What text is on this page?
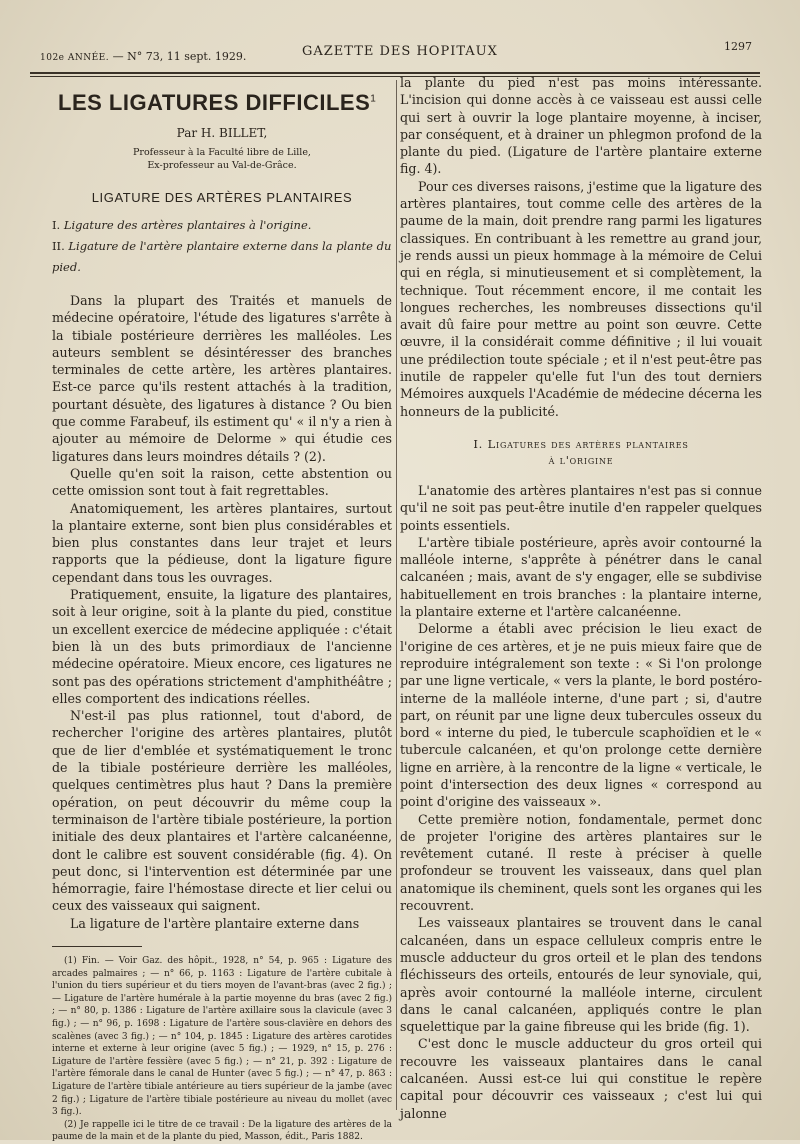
102e ANNÉE. — N° 73, 11 sept. 1929.	GAZETTE DES HOPITAUX	1297
LES LIGATURES DIFFICILES$^1$
Par H. BILLET,
Professeur à la Faculté libre de Lille,
Ex-professeur au Val-de-Grâce.
LIGATURE DES ARTÈRES PLANTAIRES
I. Ligature des artères plantaires à l'origine.
II. Ligature de l'artère plantaire externe dans la plante du pied.

Dans la plupart des Traités et manuels de médecine opératoire, l'étude des ligatures s'arrête à la tibiale postérieure derrières les malléoles. Les auteurs semblent se désintéresser des branches terminales de cette artère, les artères plantaires. Est-ce parce qu'ils restent attachés à la tradition, pourtant désuète, des ligatures à distance ? Ou bien que comme Farabeuf, ils estiment qu' « il n'y a rien à ajouter au mémoire de Delorme » qui étudie ces ligatures dans leurs moindres détails ? (2).

Quelle qu'en soit la raison, cette abstention ou cette omission sont tout à fait regrettables.

Anatomiquement, les artères plantaires, surtout la plantaire externe, sont bien plus considérables et bien plus constantes dans leur trajet et leurs rapports que la pédieuse, dont la ligature figure cependant dans tous les ouvrages.

Pratiquement, ensuite, la ligature des plantaires, soit à leur origine, soit à la plante du pied, constitue un excellent exercice de médecine appliquée : c'était bien là un des buts primordiaux de l'ancienne médecine opératoire. Mieux encore, ces ligatures ne sont pas des opérations strictement d'amphithéâtre ; elles comportent des indications réelles.

N'est-il pas plus rationnel, tout d'abord, de rechercher l'origine des artères plantaires, plutôt que de lier d'emblée et systématiquement le tronc de la tibiale postérieure derrière les malléoles, quelques centimètres plus haut ? Dans la première opération, on peut découvrir du même coup la terminaison de l'artère tibiale postérieure, la portion initiale des deux plantaires et l'artère calcanéenne, dont le calibre est souvent considérable (fig. 4). On peut donc, si l'intervention est déterminée par une hémorragie, faire l'hémostase directe et lier celui ou ceux des vaisseaux qui saignent.

La ligature de l'artère plantaire externe dans

(1) Fin. — Voir Gaz. des hôpit., 1928, n° 54, p. 965 : Ligature des arcades palmaires ; — n° 66, p. 1163 : Ligature de l'artère cubitale à l'union du tiers supérieur et du tiers moyen de l'avant-bras (avec 2 fig.) ; — Ligature de l'artère humérale à la partie moyenne du bras (avec 2 fig.) ; — n° 80, p. 1386 : Ligature de l'artère axillaire sous la clavicule (avec 3 fig.) ; — n° 96, p. 1698 : Ligature de l'artère sous-clavière en dehors des scalènes (avec 3 fig.) ; — n° 104, p. 1845 : Ligature des artères carotides interne et externe à leur origine (avec 5 fig.) ; — 1929, n° 15, p. 276 : Ligature de l'artère fessière (avec 5 fig.) ; — n° 21, p. 392 : Ligature de l'artère fémorale dans le canal de Hunter (avec 5 fig.) ; — n° 47, p. 863 : Ligature de l'artère tibiale antérieure au tiers supérieur de la jambe (avec 2 fig.) ; Ligature de l'artère tibiale postérieure au niveau du mollet (avec 3 fig.).

(2) Je rappelle ici le titre de ce travail : De la ligature des artères de la paume de la main et de la plante du pied, Masson, édit., Paris 1882.

la plante du pied n'est pas moins intéressante. L'incision qui donne accès à ce vaisseau est aussi celle qui sert à ouvrir la loge plantaire moyenne, à inciser, par conséquent, et à drainer un phlegmon profond de la plante du pied. (Ligature de l'artère plantaire externe fig. 4).

Pour ces diverses raisons, j'estime que la ligature des artères plantaires, tout comme celle des artères de la paume de la main, doit prendre rang parmi les ligatures classiques. En contribuant à les remettre au grand jour, je rends aussi un pieux hommage à la mémoire de Celui qui en régla, si minutieusement et si complètement, la technique. Tout récemment encore, il me contait les longues recherches, les nombreuses dissections qu'il avait dû faire pour mettre au point son œuvre. Cette œuvre, il la considérait comme définitive ; il lui vouait une prédilection toute spéciale ; et il n'est peut-être pas inutile de rappeler qu'elle fut l'un des tout derniers Mémoires auxquels l'Académie de médecine décerna les honneurs de la publicité.

I. Ligatures des artères plantaires
à l'origine

L'anatomie des artères plantaires n'est pas si connue qu'il ne soit pas peut-être inutile d'en rappeler quelques points essentiels.

L'artère tibiale postérieure, après avoir contourné la malléole interne, s'apprête à pénétrer dans le canal calcanéen ; mais, avant de s'y engager, elle se subdivise habituellement en trois branches : la plantaire interne, la plantaire externe et l'artère calcanéenne.

Delorme a établi avec précision le lieu exact de l'origine de ces artères, et je ne puis mieux faire que de reproduire intégralement son texte : « Si l'on prolonge par une ligne verticale, « vers la plante, le bord postéro-interne de la malléole interne, d'une part ; si, d'autre part, on réunit par une ligne deux tubercules osseux du bord « interne du pied, le tubercule scaphoïdien et le « tubercule calcanéen, et qu'on prolonge cette dernière ligne en arrière, à la rencontre de la ligne « verticale, le point d'intersection des deux lignes « correspond au point d'origine des vaisseaux ».

Cette première notion, fondamentale, permet donc de projeter l'origine des artères plantaires sur le revêtement cutané. Il reste à préciser à quelle profondeur se trouvent les vaisseaux, dans quel plan anatomique ils cheminent, quels sont les organes qui les recouvrent.

Les vaisseaux plantaires se trouvent dans le canal calcanéen, dans un espace celluleux compris entre le muscle adducteur du gros orteil et le plan des tendons fléchisseurs des orteils, entourés de leur synoviale, qui, après avoir contourné la malléole interne, circulent dans le canal calcanéen, appliqués contre le plan squelettique par la gaine fibreuse qui les bride (fig. 1).

C'est donc le muscle adducteur du gros orteil qui recouvre les vaisseaux plantaires dans le canal calcanéen. Aussi est-ce lui qui constitue le repère capital pour découvrir ces vaisseaux ; c'est lui qui jalonne
